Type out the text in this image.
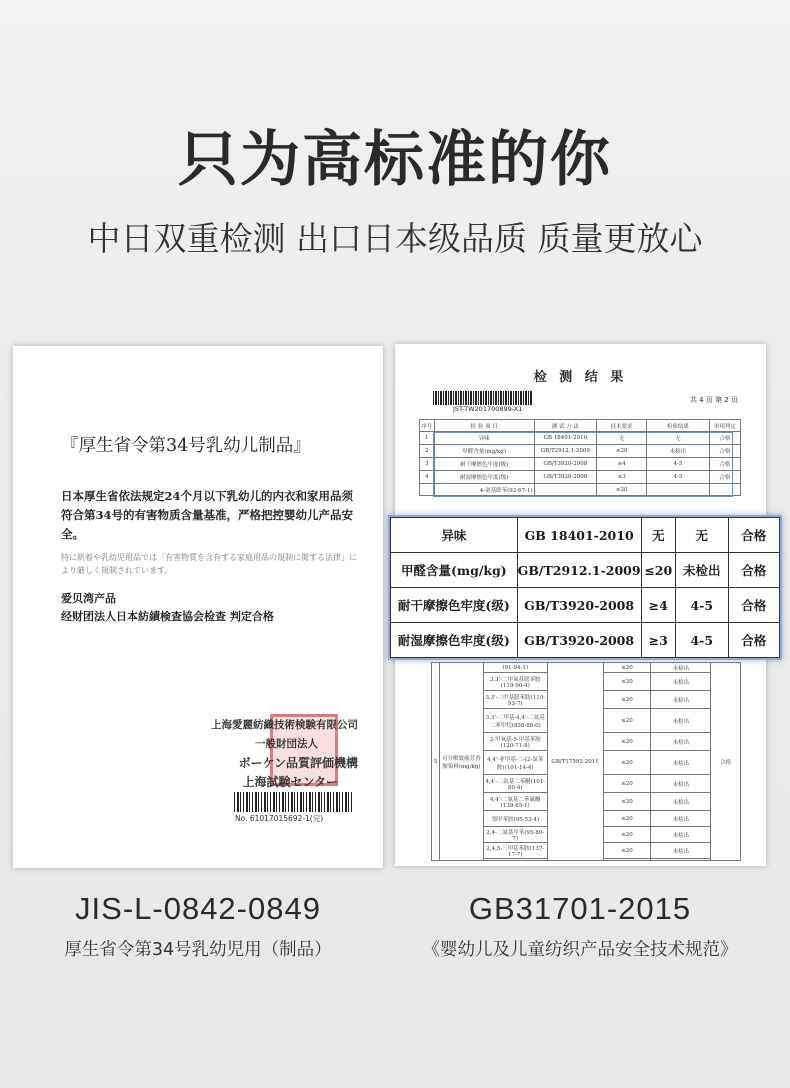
只为高标准的你
中日双重检测 出口日本级品质 质量更放心
『厚生省令第34号乳幼儿制品』
日本厚生省依法规定24个月以下乳幼儿的内衣和家用品须符合第34号的有害物质含量基准，严格把控婴幼儿产品安全。
特に肌着や乳幼児用品では「有害物質を含有する家庭用品の規制に関する法律」により厳しく規制されています。
爱贝湾产品
经财团法人日本紡績検查協会检查 判定合格
上海愛麗紡織技術検験有限公司
一般財団法人
ボーケン品質評価機構
上海試験センター
No. 61017015692-1(完)
检 测 结 果
JST-TW201700899-X1
共 4 页 第 2 页
序号	检 验 项 目	测 试 方 法	技术要求	检验结果	单项判定
1	异味	GB 18401-2010	无	无	合格
2	甲醛含量(mg/kg)	GB/T2912.1-2009	≤20	未检出	合格
3	耐干摩擦色牢度(级)	GB/T3920-2008	≥4	4-5	合格
4	耐湿摩擦色牢度(级)	GB/T3920-2008	≥3	4-5	合格
	4-氨基联苯(92-67-1)		≤20		
5	可分解致癌芳香胺染料(mg/kg)	(91-94-1)	GB/T17592-2011	≤20	未检出	合格
		3,3'-二甲氧基联苯胺(119-90-4)		≤20	未检出	
		3,3'-二甲基联苯胺(119-93-7)		≤20	未检出	
		3,3'-二甲基-4,4'-二氨基二苯甲烷(838-88-0)		≤20	未检出	
		2-甲氧基-5-甲基苯胺(120-71-8)		≤20	未检出	
		4,4'-亚甲基-二-(2-氯苯胺)(101-14-4)		≤20	未检出	
		4,4'-二氨基二苯醚(101-80-4)		≤20	未检出	
		4,4'-二氨基二苯硫醚(139-65-1)		≤20	未检出	
		邻甲苯胺(95-53-4)		≤20	未检出	
		2,4-二氨基甲苯(95-80-7)		≤20	未检出	
		2,4,5-三甲基苯胺(137-17-7)		≤20	未检出	

异味	GB 18401-2010	无	无	合格
甲醛含量(mg/kg)	GB/T2912.1-2009	≤20	未检出	合格
耐干摩擦色牢度(级)	GB/T3920-2008	≥4	4-5	合格
耐湿摩擦色牢度(级)	GB/T3920-2008	≥3	4-5	合格
JIS-L-0842-0849
厚生省令第34号乳幼児用（制品）
GB31701-2015
《婴幼儿及儿童纺织产品安全技术规范》
